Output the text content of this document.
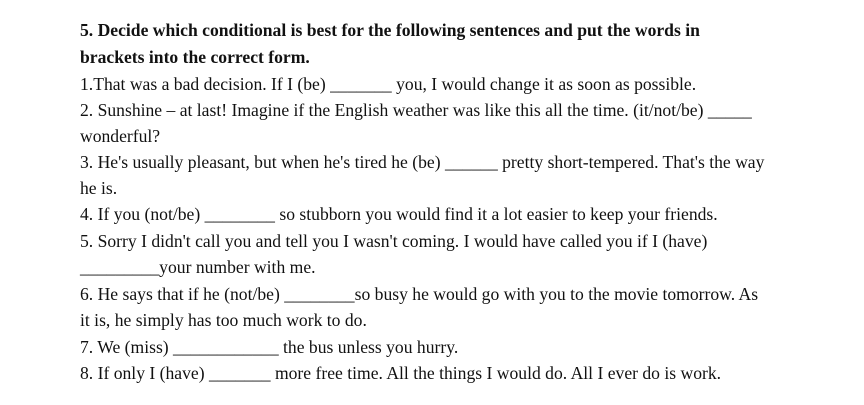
5. Decide which conditional is best for the following sentences and put the words in
brackets into the correct form.
1.That was a bad decision. If I (be) _______ you, I would change it as soon as possible.
2. Sunshine – at last! Imagine if the English weather was like this all the time. (it/not/be) _____
wonderful?
3. He's usually pleasant, but when he's tired he (be) ______ pretty short-tempered. That's the way
he is.
4. If you (not/be) ________ so stubborn you would find it a lot easier to keep your friends.
5. Sorry I didn't call you and tell you I wasn't coming. I would have called you if I (have)
_________your number with me.
6. He says that if he (not/be) ________so busy he would go with you to the movie tomorrow. As
it is, he simply has too much work to do.
7. We (miss) ____________ the bus unless you hurry.
8. If only I (have) _______ more free time. All the things I would do. All I ever do is work.
